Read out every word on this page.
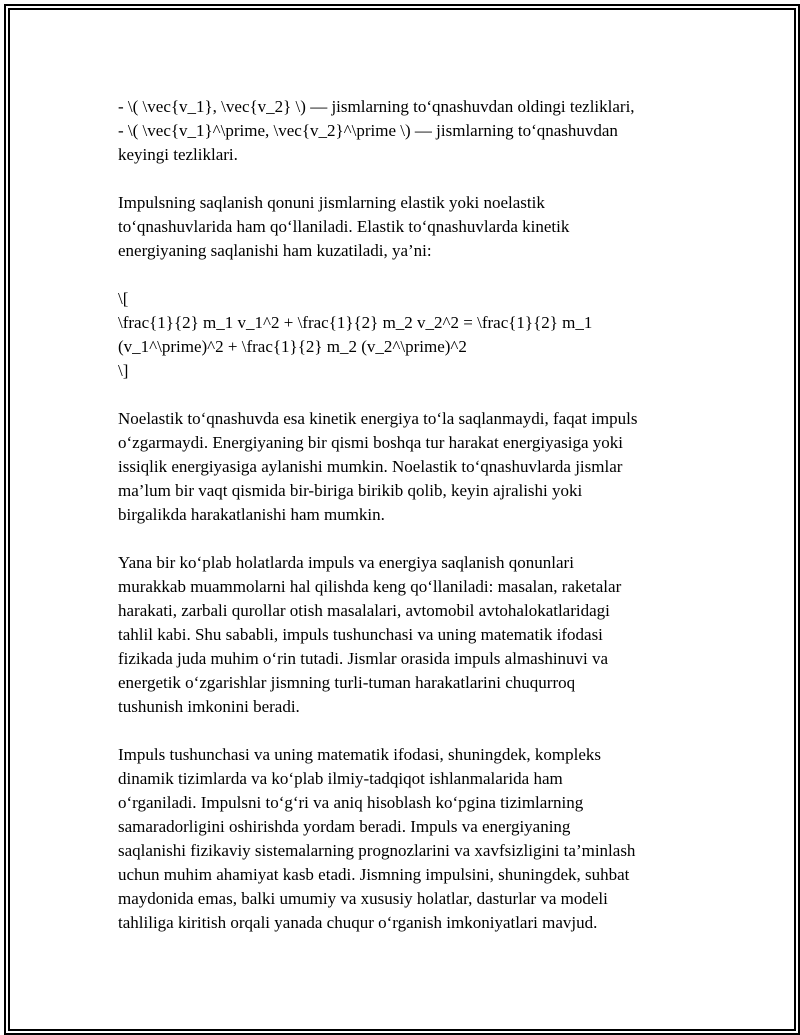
- \( \vec{v_1}, \vec{v_2} \) — jismlarning to‘qnashuvdan oldingi tezliklari,
- \( \vec{v_1}^\prime, \vec{v_2}^\prime \) — jismlarning to‘qnashuvdan
keyingi tezliklari.
Impulsning saqlanish qonuni jismlarning elastik yoki noelastik
to‘qnashuvlarida ham qo‘llaniladi. Elastik to‘qnashuvlarda kinetik
energiyaning saqlanishi ham kuzatiladi, ya’ni:
\[
\frac{1}{2} m_1 v_1^2 + \frac{1}{2} m_2 v_2^2 = \frac{1}{2} m_1
(v_1^\prime)^2 + \frac{1}{2} m_2 (v_2^\prime)^2
\]
Noelastik to‘qnashuvda esa kinetik energiya to‘la saqlanmaydi, faqat impuls
o‘zgarmaydi. Energiyaning bir qismi boshqa tur harakat energiyasiga yoki
issiqlik energiyasiga aylanishi mumkin. Noelastik to‘qnashuvlarda jismlar
ma’lum bir vaqt qismida bir-biriga birikib qolib, keyin ajralishi yoki
birgalikda harakatlanishi ham mumkin.
Yana bir ko‘plab holatlarda impuls va energiya saqlanish qonunlari
murakkab muammolarni hal qilishda keng qo‘llaniladi: masalan, raketalar
harakati, zarbali qurollar otish masalalari, avtomobil avtohalokatlaridagi
tahlil kabi. Shu sababli, impuls tushunchasi va uning matematik ifodasi
fizikada juda muhim o‘rin tutadi. Jismlar orasida impuls almashinuvi va
energetik o‘zgarishlar jismning turli-tuman harakatlarini chuqurroq
tushunish imkonini beradi.
Impuls tushunchasi va uning matematik ifodasi, shuningdek, kompleks
dinamik tizimlarda va ko‘plab ilmiy-tadqiqot ishlanmalarida ham
o‘rganiladi. Impulsni to‘g‘ri va aniq hisoblash ko‘pgina tizimlarning
samaradorligini oshirishda yordam beradi. Impuls va energiyaning
saqlanishi fizikaviy sistemalarning prognozlarini va xavfsizligini ta’minlash
uchun muhim ahamiyat kasb etadi. Jismning impulsini, shuningdek, suhbat
maydonida emas, balki umumiy va xususiy holatlar, dasturlar va modeli
tahliliga kiritish orqali yanada chuqur o‘rganish imkoniyatlari mavjud.
